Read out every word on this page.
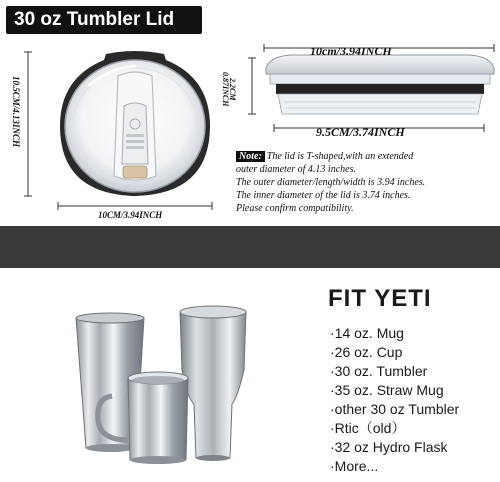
30 oz Tumbler Lid
10.5CM/4.13INCH
10CM/3.94INCH
10cm/3.94INCH
2.2CM
0.87INCH
9.5CM/3.74INCH
Note: The lid is T-shaped,with an extended
outer diameter of 4.13 inches.
The outer diameter/length/width is 3.94 inches.
The inner diameter of the lid is 3.74 inches.
Please confirm compatibility.
FIT YETI
·14 oz. Mug
·26 oz. Cup
·30 oz. Tumbler
·35 oz. Straw Mug
·other 30 oz Tumbler
·Rtic（old）
·32 oz Hydro Flask
·More...
